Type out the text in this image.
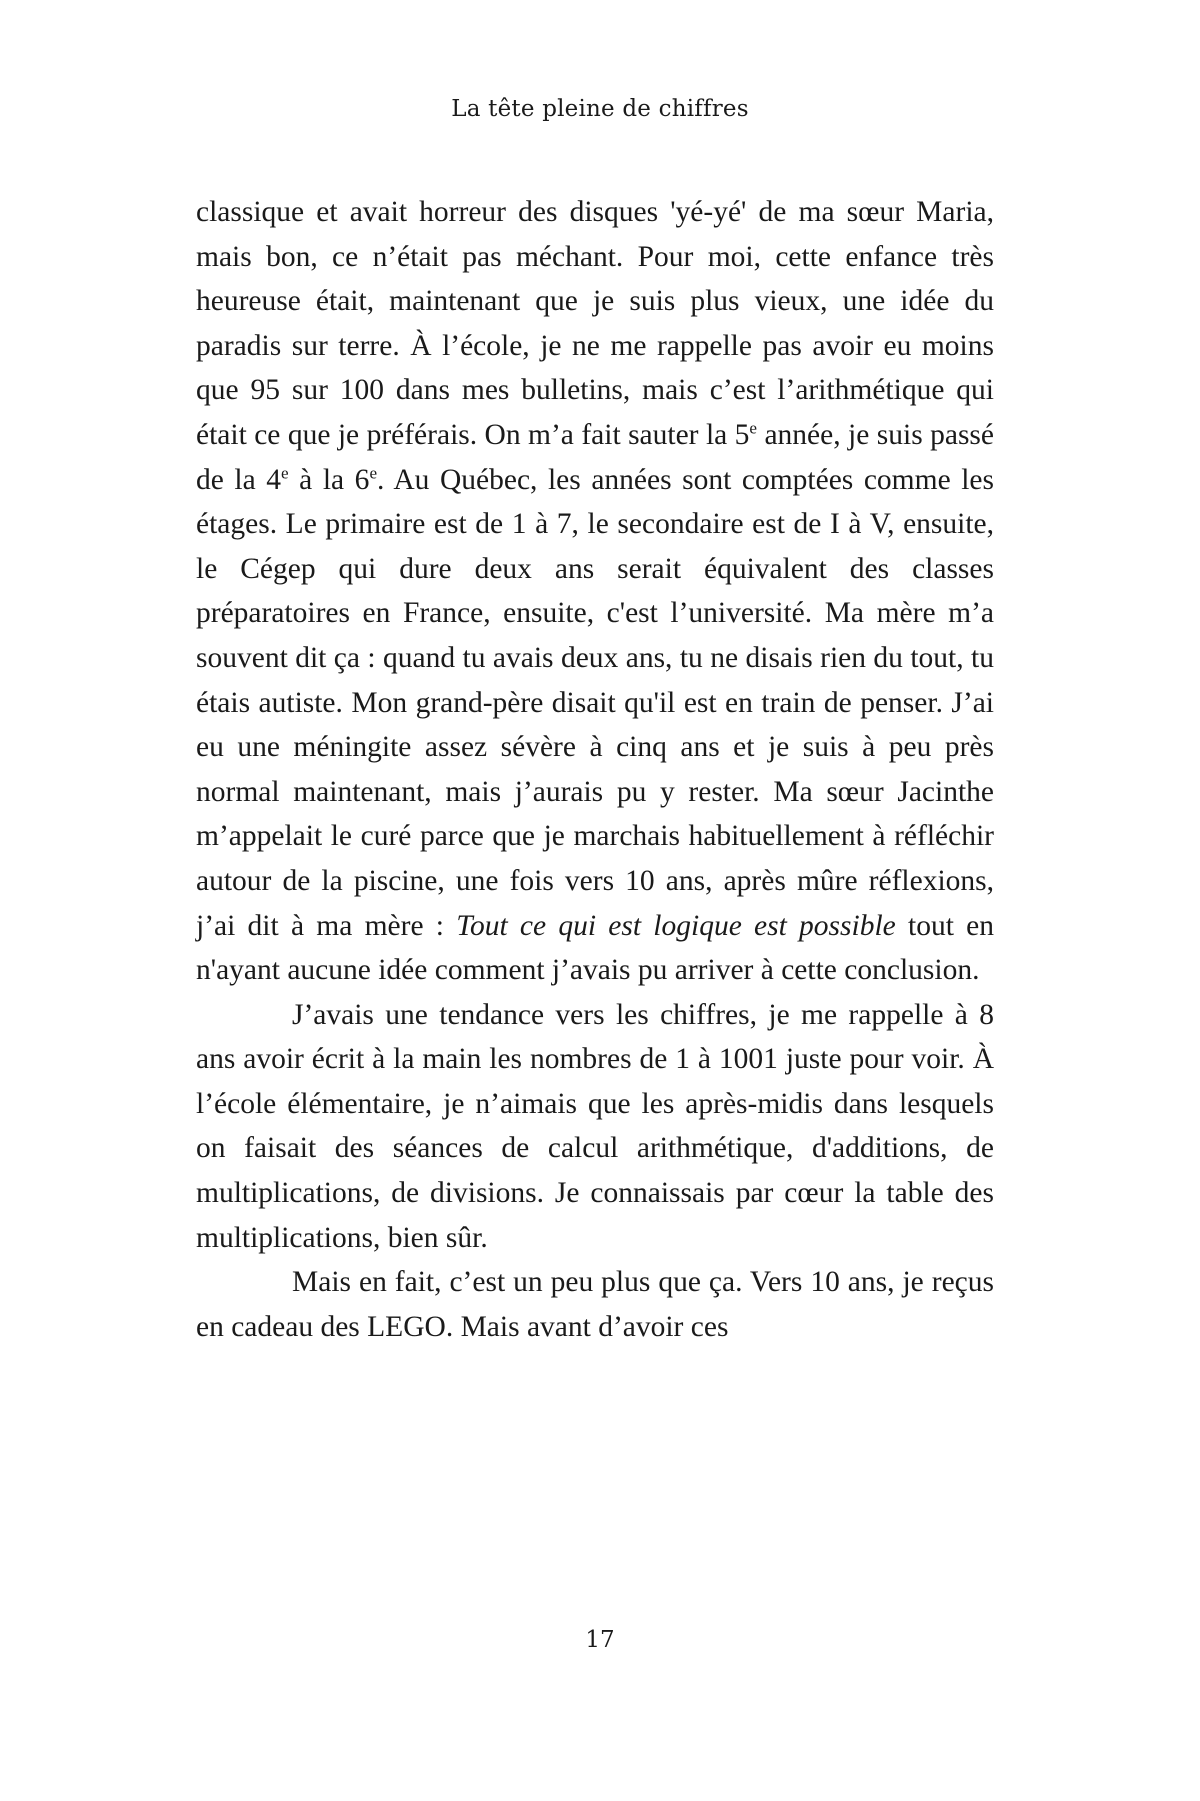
La tête pleine de chiffres

classique et avait horreur des disques 'yé-yé' de ma sœur Maria, mais bon, ce n’était pas méchant. Pour moi, cette enfance très heureuse était, maintenant que je suis plus vieux, une idée du paradis sur terre. À l’école, je ne me rappelle pas avoir eu moins que 95 sur 100 dans mes bulletins, mais c’est l’arithmétique qui était ce que je préférais. On m’a fait sauter la 5e année, je suis passé de la 4e à la 6e. Au Québec, les années sont comptées comme les étages. Le primaire est de 1 à 7, le secondaire est de I à V, ensuite, le Cégep qui dure deux ans serait équivalent des classes préparatoires en France, ensuite, c'est l’université. Ma mère m’a souvent dit ça : quand tu avais deux ans, tu ne disais rien du tout, tu étais autiste. Mon grand-père disait qu'il est en train de penser. J’ai eu une méningite assez sévère à cinq ans et je suis à peu près normal maintenant, mais j’aurais pu y rester. Ma sœur Jacinthe m’appelait le curé parce que je marchais habituellement à réfléchir autour de la piscine, une fois vers 10 ans, après mûre réflexions, j’ai dit à ma mère : Tout ce qui est logique est possible tout en n'ayant aucune idée comment j’avais pu arriver à cette conclusion.

J’avais une tendance vers les chiffres, je me rappelle à 8 ans avoir écrit à la main les nombres de 1 à 1001 juste pour voir. À l’école élémentaire, je n’aimais que les après-midis dans lesquels on faisait des séances de calcul arithmétique, d'additions, de multiplications, de divisions. Je connaissais par cœur la table des multiplications, bien sûr.

Mais en fait, c’est un peu plus que ça. Vers 10 ans, je reçus en cadeau des LEGO. Mais avant d’avoir ces

17
